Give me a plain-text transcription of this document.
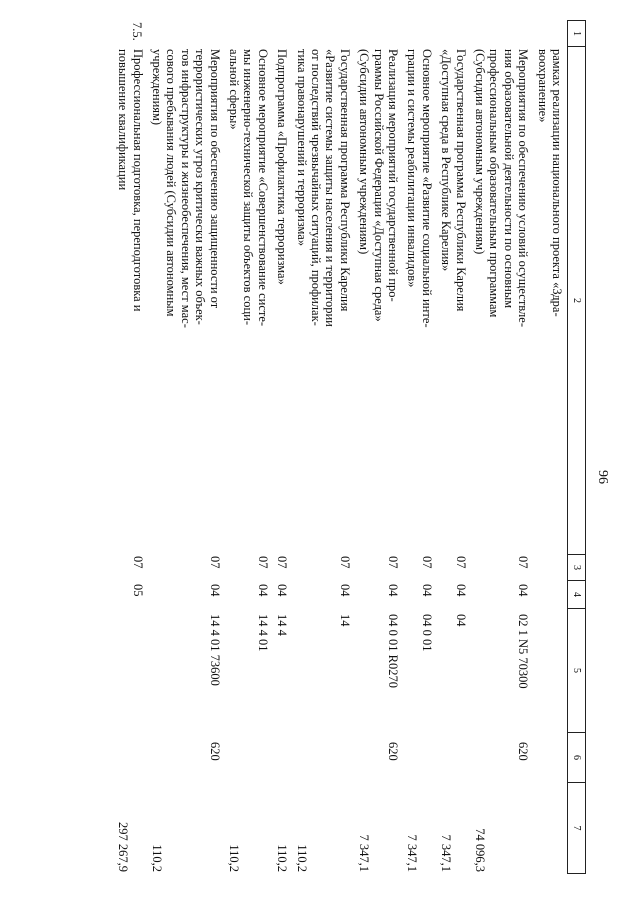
96
1
2
3
4
5
6
7
рамках реализации национального проекта «Здра-
воохранение»
Мероприятия по обеспечению условий осуществле-
ния образовательной деятельности по основным
профессиональным образовательным программам
(Субсидии автономным учреждениям)
07
04
02 1 N5 70300
620
74 096,3
Государственная программа Республики Карелия
«Доступная среда в Республике Карелия»
07
04
04
7 347,1
Основное мероприятие «Развитие социальной инте-
грации и системы реабилитации инвалидов»
07
04
04 0 01
7 347,1
Реализация мероприятий государственной про-
граммы Российской Федерации «Доступная среда»
(Субсидии автономным учреждениям)
07
04
04 0 01 R0270
620
7 347,1
Государственная программа Республики Карелия
«Развитие системы защиты населения и территории
от последствий чрезвычайных ситуаций, профилак-
тика правонарушений и терроризма»
07
04
14
110,2
Подпрограмма «Профилактика терроризма»
07
04
14 4
110,2
Основное мероприятие «Совершенствование систе-
мы инженерно-технической защиты объектов соци-
альной сферы»
07
04
14 4 01
110,2
Мероприятия по обеспечению защищенности от
террористических угроз критически важных объек-
тов инфраструктуры и жизнеобеспечения, мест мас-
сового пребывания людей (Субсидии автономным
учреждениям)
07
04
14 4 01 73600
620
110,2
7.5.
Профессиональная подготовка, переподготовка и
повышение квалификации
07
05
297 267,9
